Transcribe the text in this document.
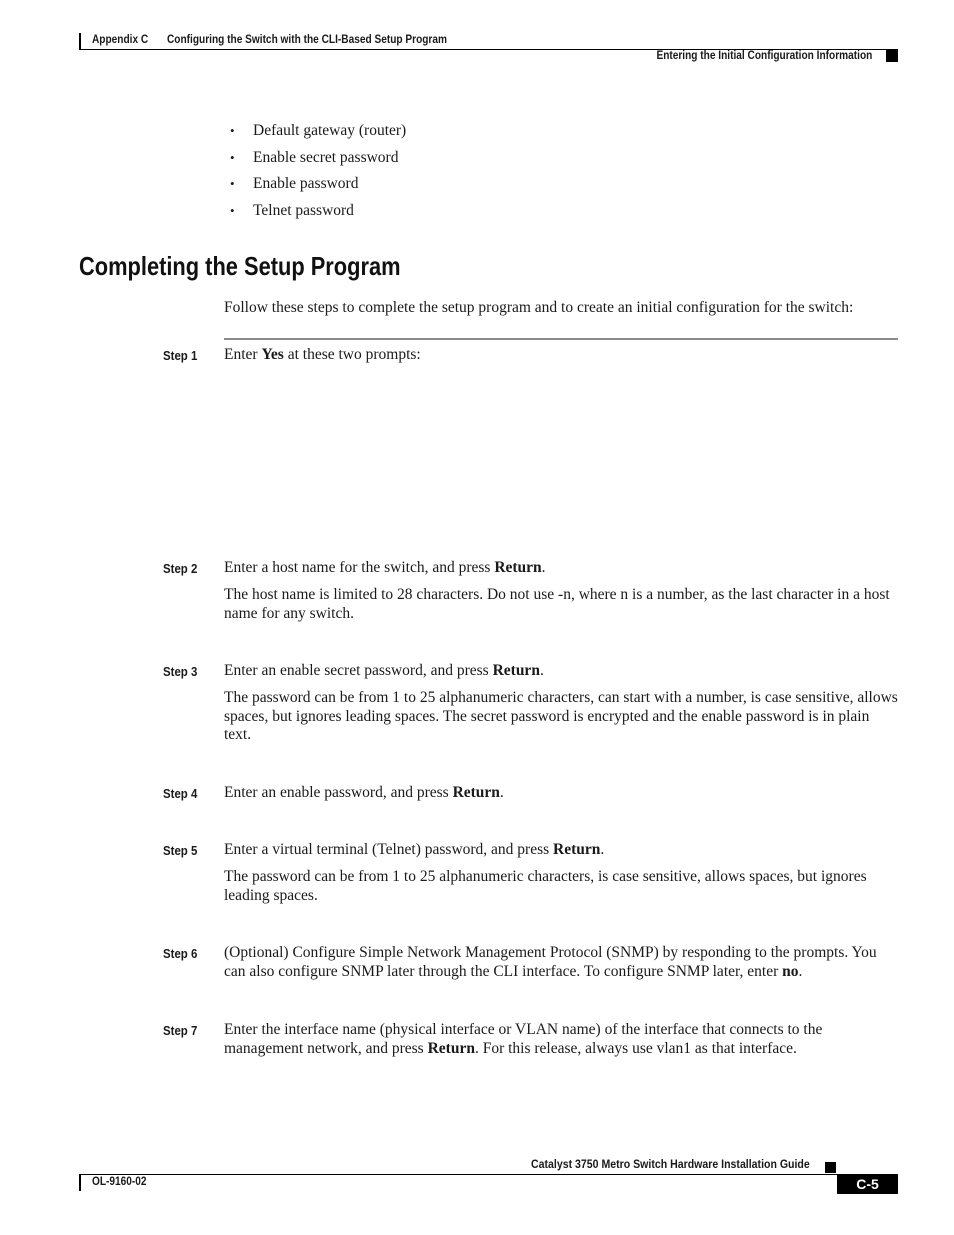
Appendix C Configuring the Switch with the CLI-Based Setup Program
Entering the Initial Configuration Information
• Default gateway (router)
• Enable secret password
• Enable password
• Telnet password
Completing the Setup Program
Follow these steps to complete the setup program and to create an initial configuration for the switch:
Step 1 Enter Yes at these two prompts:
Step 2 Enter a host name for the switch, and press Return.
The host name is limited to 28 characters. Do not use -n, where n is a number, as the last character in a host name for any switch.
Step 3 Enter an enable secret password, and press Return.
The password can be from 1 to 25 alphanumeric characters, can start with a number, is case sensitive, allows spaces, but ignores leading spaces. The secret password is encrypted and the enable password is in plain text.
Step 4 Enter an enable password, and press Return.
Step 5 Enter a virtual terminal (Telnet) password, and press Return.
The password can be from 1 to 25 alphanumeric characters, is case sensitive, allows spaces, but ignores leading spaces.
Step 6 (Optional) Configure Simple Network Management Protocol (SNMP) by responding to the prompts. You can also configure SNMP later through the CLI interface. To configure SNMP later, enter no.
Step 7 Enter the interface name (physical interface or VLAN name) of the interface that connects to the management network, and press Return. For this release, always use vlan1 as that interface.
Catalyst 3750 Metro Switch Hardware Installation Guide
OL-9160-02	C-5
